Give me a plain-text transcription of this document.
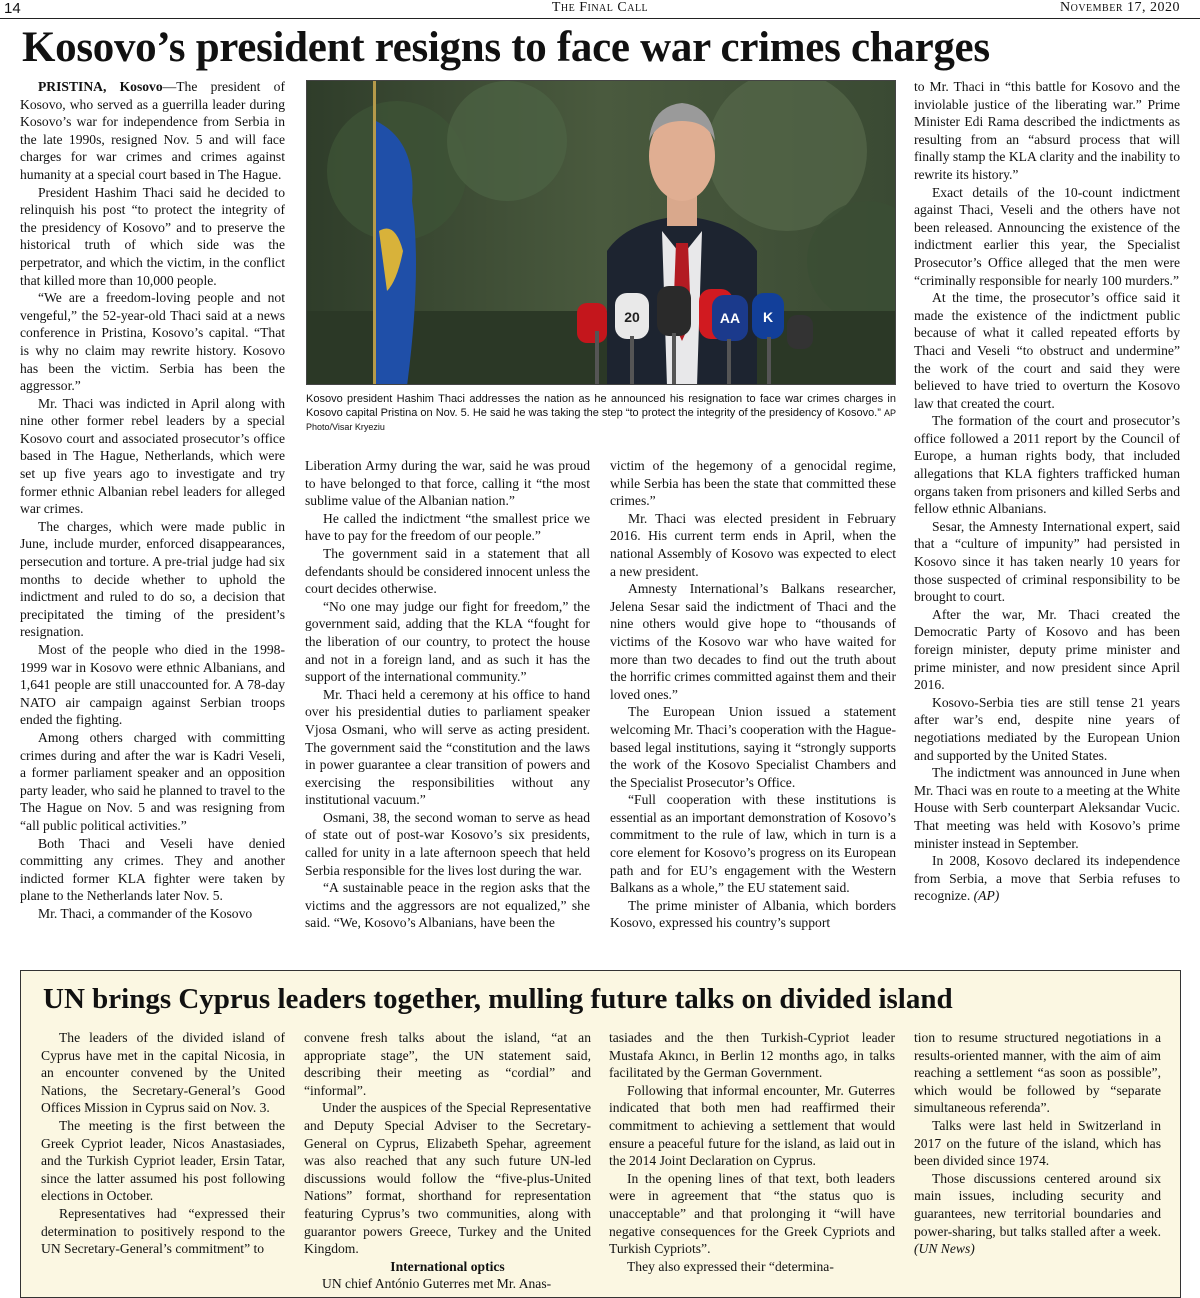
14	The Final Call	November 17, 2020
Kosovo’s president resigns to face war crimes charges

PRISTINA, Kosovo—The president of Kosovo, who served as a guerrilla leader during Kosovo’s war for independence from Serbia in the late 1990s, resigned Nov. 5 and will face charges for war crimes and crimes against humanity at a special court based in The Hague.

President Hashim Thaci said he decided to relinquish his post “to protect the integrity of the presidency of Kosovo” and to preserve the historical truth of which side was the perpetrator, and which the victim, in the conflict that killed more than 10,000 people.

“We are a freedom-loving people and not vengeful,” the 52-year-old Thaci said at a news conference in Pristina, Kosovo’s capital. “That is why no claim may rewrite history. Kosovo has been the victim. Serbia has been the aggressor.”

Mr. Thaci was indicted in April along with nine other former rebel leaders by a special Kosovo court and associated prosecutor’s office based in The Hague, Netherlands, which were set up five years ago to investigate and try former ethnic Albanian rebel leaders for alleged war crimes.

The charges, which were made public in June, include murder, enforced disappearances, persecution and torture. A pre-trial judge had six months to decide whether to uphold the indictment and ruled to do so, a decision that precipitated the timing of the president’s resignation.

Most of the people who died in the 1998-1999 war in Kosovo were ethnic Albanians, and 1,641 people are still unaccounted for. A 78-day NATO air campaign against Serbian troops ended the fighting.

Among others charged with committing crimes during and after the war is Kadri Veseli, a former parliament speaker and an opposition party leader, who said he planned to travel to the The Hague on Nov. 5 and was resigning from “all public political activities.”

Both Thaci and Veseli have denied committing any crimes. They and another indicted former KLA fighter were taken by plane to the Netherlands later Nov. 5.

Mr. Thaci, a commander of the Kosovo

20	AA K
Kosovo president Hashim Thaci addresses the nation as he announced his resignation to face war crimes charges in Kosovo capital Pristina on Nov. 5. He said he was taking the step “to protect the integrity of the presidency of Kosovo.” AP Photo/Visar Kryeziu

Liberation Army during the war, said he was proud to have belonged to that force, calling it “the most sublime value of the Albanian nation.”

He called the indictment “the smallest price we have to pay for the freedom of our people.”

The government said in a statement that all defendants should be considered innocent unless the court decides otherwise.

“No one may judge our fight for freedom,” the government said, adding that the KLA “fought for the liberation of our country, to protect the house and not in a foreign land, and as such it has the support of the international community.”

Mr. Thaci held a ceremony at his office to hand over his presidential duties to parliament speaker Vjosa Osmani, who will serve as acting president. The government said the “constitution and the laws in power guarantee a clear transition of powers and exercising the responsibilities without any institutional vacuum.”

Osmani, 38, the second woman to serve as head of state out of post-war Kosovo’s six presidents, called for unity in a late afternoon speech that held Serbia responsible for the lives lost during the war.

“A sustainable peace in the region asks that the victims and the aggressors are not equalized,” she said. “We, Kosovo’s Albanians, have been the

victim of the hegemony of a genocidal regime, while Serbia has been the state that committed these crimes.”

Mr. Thaci was elected president in February 2016. His current term ends in April, when the national Assembly of Kosovo was expected to elect a new president.

Amnesty International’s Balkans researcher, Jelena Sesar said the indictment of Thaci and the nine others would give hope to “thousands of victims of the Kosovo war who have waited for more than two decades to find out the truth about the horrific crimes committed against them and their loved ones.”

The European Union issued a statement welcoming Mr. Thaci’s cooperation with the Hague-based legal institutions, saying it “strongly supports the work of the Kosovo Specialist Chambers and the Specialist Prosecutor’s Office.

“Full cooperation with these institutions is essential as an important demonstration of Kosovo’s commitment to the rule of law, which in turn is a core element for Kosovo’s progress on its European path and for EU’s engagement with the Western Balkans as a whole,” the EU statement said.

The prime minister of Albania, which borders Kosovo, expressed his country’s support

to Mr. Thaci in “this battle for Kosovo and the inviolable justice of the liberating war.” Prime Minister Edi Rama described the indictments as resulting from an “absurd process that will finally stamp the KLA clarity and the inability to rewrite its history.”

Exact details of the 10-count indictment against Thaci, Veseli and the others have not been released. Announcing the existence of the indictment earlier this year, the Specialist Prosecutor’s Office alleged that the men were “criminally responsible for nearly 100 murders.”

At the time, the prosecutor’s office said it made the existence of the indictment public because of what it called repeated efforts by Thaci and Veseli “to obstruct and undermine” the work of the court and said they were believed to have tried to overturn the Kosovo law that created the court.

The formation of the court and prosecutor’s office followed a 2011 report by the Council of Europe, a human rights body, that included allegations that KLA fighters trafficked human organs taken from prisoners and killed Serbs and fellow ethnic Albanians.

Sesar, the Amnesty International expert, said that a “culture of impunity” had persisted in Kosovo since it has taken nearly 10 years for those suspected of criminal responsibility to be brought to court.

After the war, Mr. Thaci created the Democratic Party of Kosovo and has been foreign minister, deputy prime minister and prime minister, and now president since April 2016.

Kosovo-Serbia ties are still tense 21 years after war’s end, despite nine years of negotiations mediated by the European Union and supported by the United States.

The indictment was announced in June when Mr. Thaci was en route to a meeting at the White House with Serb counterpart Aleksandar Vucic. That meeting was held with Kosovo’s prime minister instead in September.

In 2008, Kosovo declared its independence from Serbia, a move that Serbia refuses to recognize. (AP)

UN brings Cyprus leaders together, mulling future talks on divided island

The leaders of the divided island of Cyprus have met in the capital Nicosia, in an encounter convened by the United Nations, the Secretary-General’s Good Offices Mission in Cyprus said on Nov. 3.

The meeting is the first between the Greek Cypriot leader, Nicos Anastasiades, and the Turkish Cypriot leader, Ersin Tatar, since the latter assumed his post following elections in October.

Representatives had “expressed their determination to positively respond to the UN Secretary-General’s commitment” to

convene fresh talks about the island, “at an appropriate stage”, the UN statement said, describing their meeting as “cordial” and “informal”.

Under the auspices of the Special Representative and Deputy Special Adviser to the Secretary-General on Cyprus, Elizabeth Spehar, agreement was also reached that any such future UN-led discussions would follow the “five-plus-United Nations” format, shorthand for representation featuring Cyprus’s two communities, along with guarantor powers Greece, Turkey and the United Kingdom.

International optics

UN chief António Guterres met Mr. Anas-

tasiades and the then Turkish-Cypriot leader Mustafa Akıncı, in Berlin 12 months ago, in talks facilitated by the German Government.

Following that informal encounter, Mr. Guterres indicated that both men had reaffirmed their commitment to achieving a settlement that would ensure a peaceful future for the island, as laid out in the 2014 Joint Declaration on Cyprus.

In the opening lines of that text, both leaders were in agreement that “the status quo is unacceptable” and that prolonging it “will have negative consequences for the Greek Cypriots and Turkish Cypriots”.

They also expressed their “determina-

tion to resume structured negotiations in a results-oriented manner, with the aim of aim reaching a settlement “as soon as possible”, which would be followed by “separate simultaneous referenda”.

Talks were last held in Switzerland in 2017 on the future of the island, which has been divided since 1974.

Those discussions centered around six main issues, including security and guarantees, new territorial boundaries and power-sharing, but talks stalled after a week. (UN News)
